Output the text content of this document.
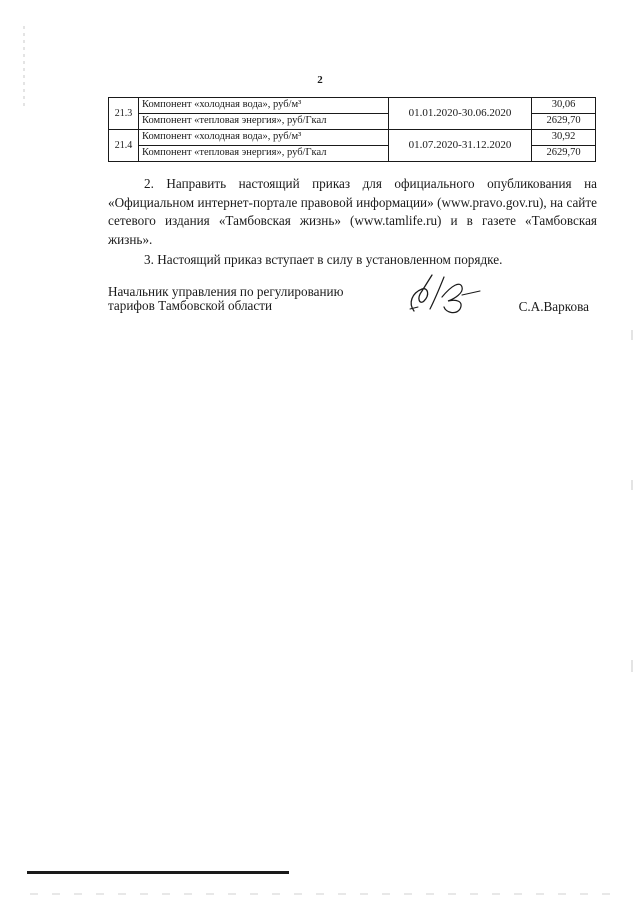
2
21.3	Компонент «холодная вода», руб/м³	01.01.2020-30.06.2020	30,06
	Компонент «тепловая энергия», руб/Гкал		2629,70
21.4	Компонент «холодная вода», руб/м³	01.07.2020-31.12.2020	30,92
	Компонент «тепловая энергия», руб/Гкал		2629,70

2. Направить настоящий приказ для официального опубликования на «Официальном интернет-портале правовой информации» (www.pravo.gov.ru), на сайте сетевого издания «Тамбовская жизнь» (www.tamlife.ru) и в газете «Тамбовская жизнь».

3. Настоящий приказ вступает в силу в установленном порядке.

Начальник управления по регулированию
тарифов Тамбовской области	С.А.Варкова
